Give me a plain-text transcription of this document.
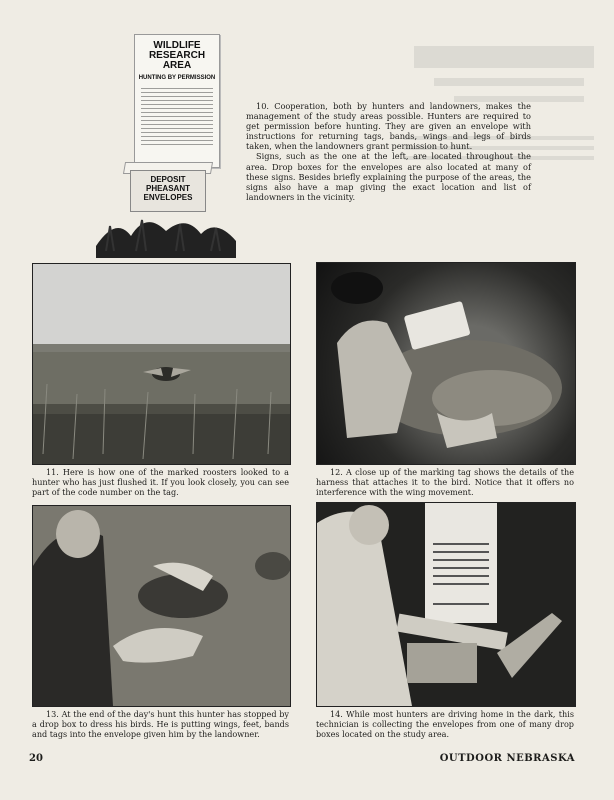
WILDLIFE
RESEARCH
AREA
HUNTING BY PERMISSION
DEPOSIT
PHEASANT
ENVELOPES

10. Cooperation, both by hunters and landowners, makes the management of the study areas possible. Hunters are required to get permission before hunting. They are given an envelope with instructions for returning tags, bands, wings and legs of birds taken, when the landowners grant permission to hunt.

Signs, such as the one at the left, are located throughout the area. Drop boxes for the envelopes are also located at many of these signs. Besides briefly explaining the purpose of the areas, the signs also have a map giving the exact location and list of landowners in the vicinity.

11. Here is how one of the marked roosters looked to a hunter who has just flushed it. If you look closely, you can see part of the code number on the tag.
12. A close up of the marking tag shows the details of the harness that attaches it to the bird. Notice that it offers no interference with the wing movement.
13. At the end of the day's hunt this hunter has stopped by a drop box to dress his birds. He is putting wings, feet, bands and tags into the envelope given him by the landowner.
14. While most hunters are driving home in the dark, this technician is collecting the envelopes from one of many drop boxes located on the study area.
20	OUTDOOR NEBRASKA
